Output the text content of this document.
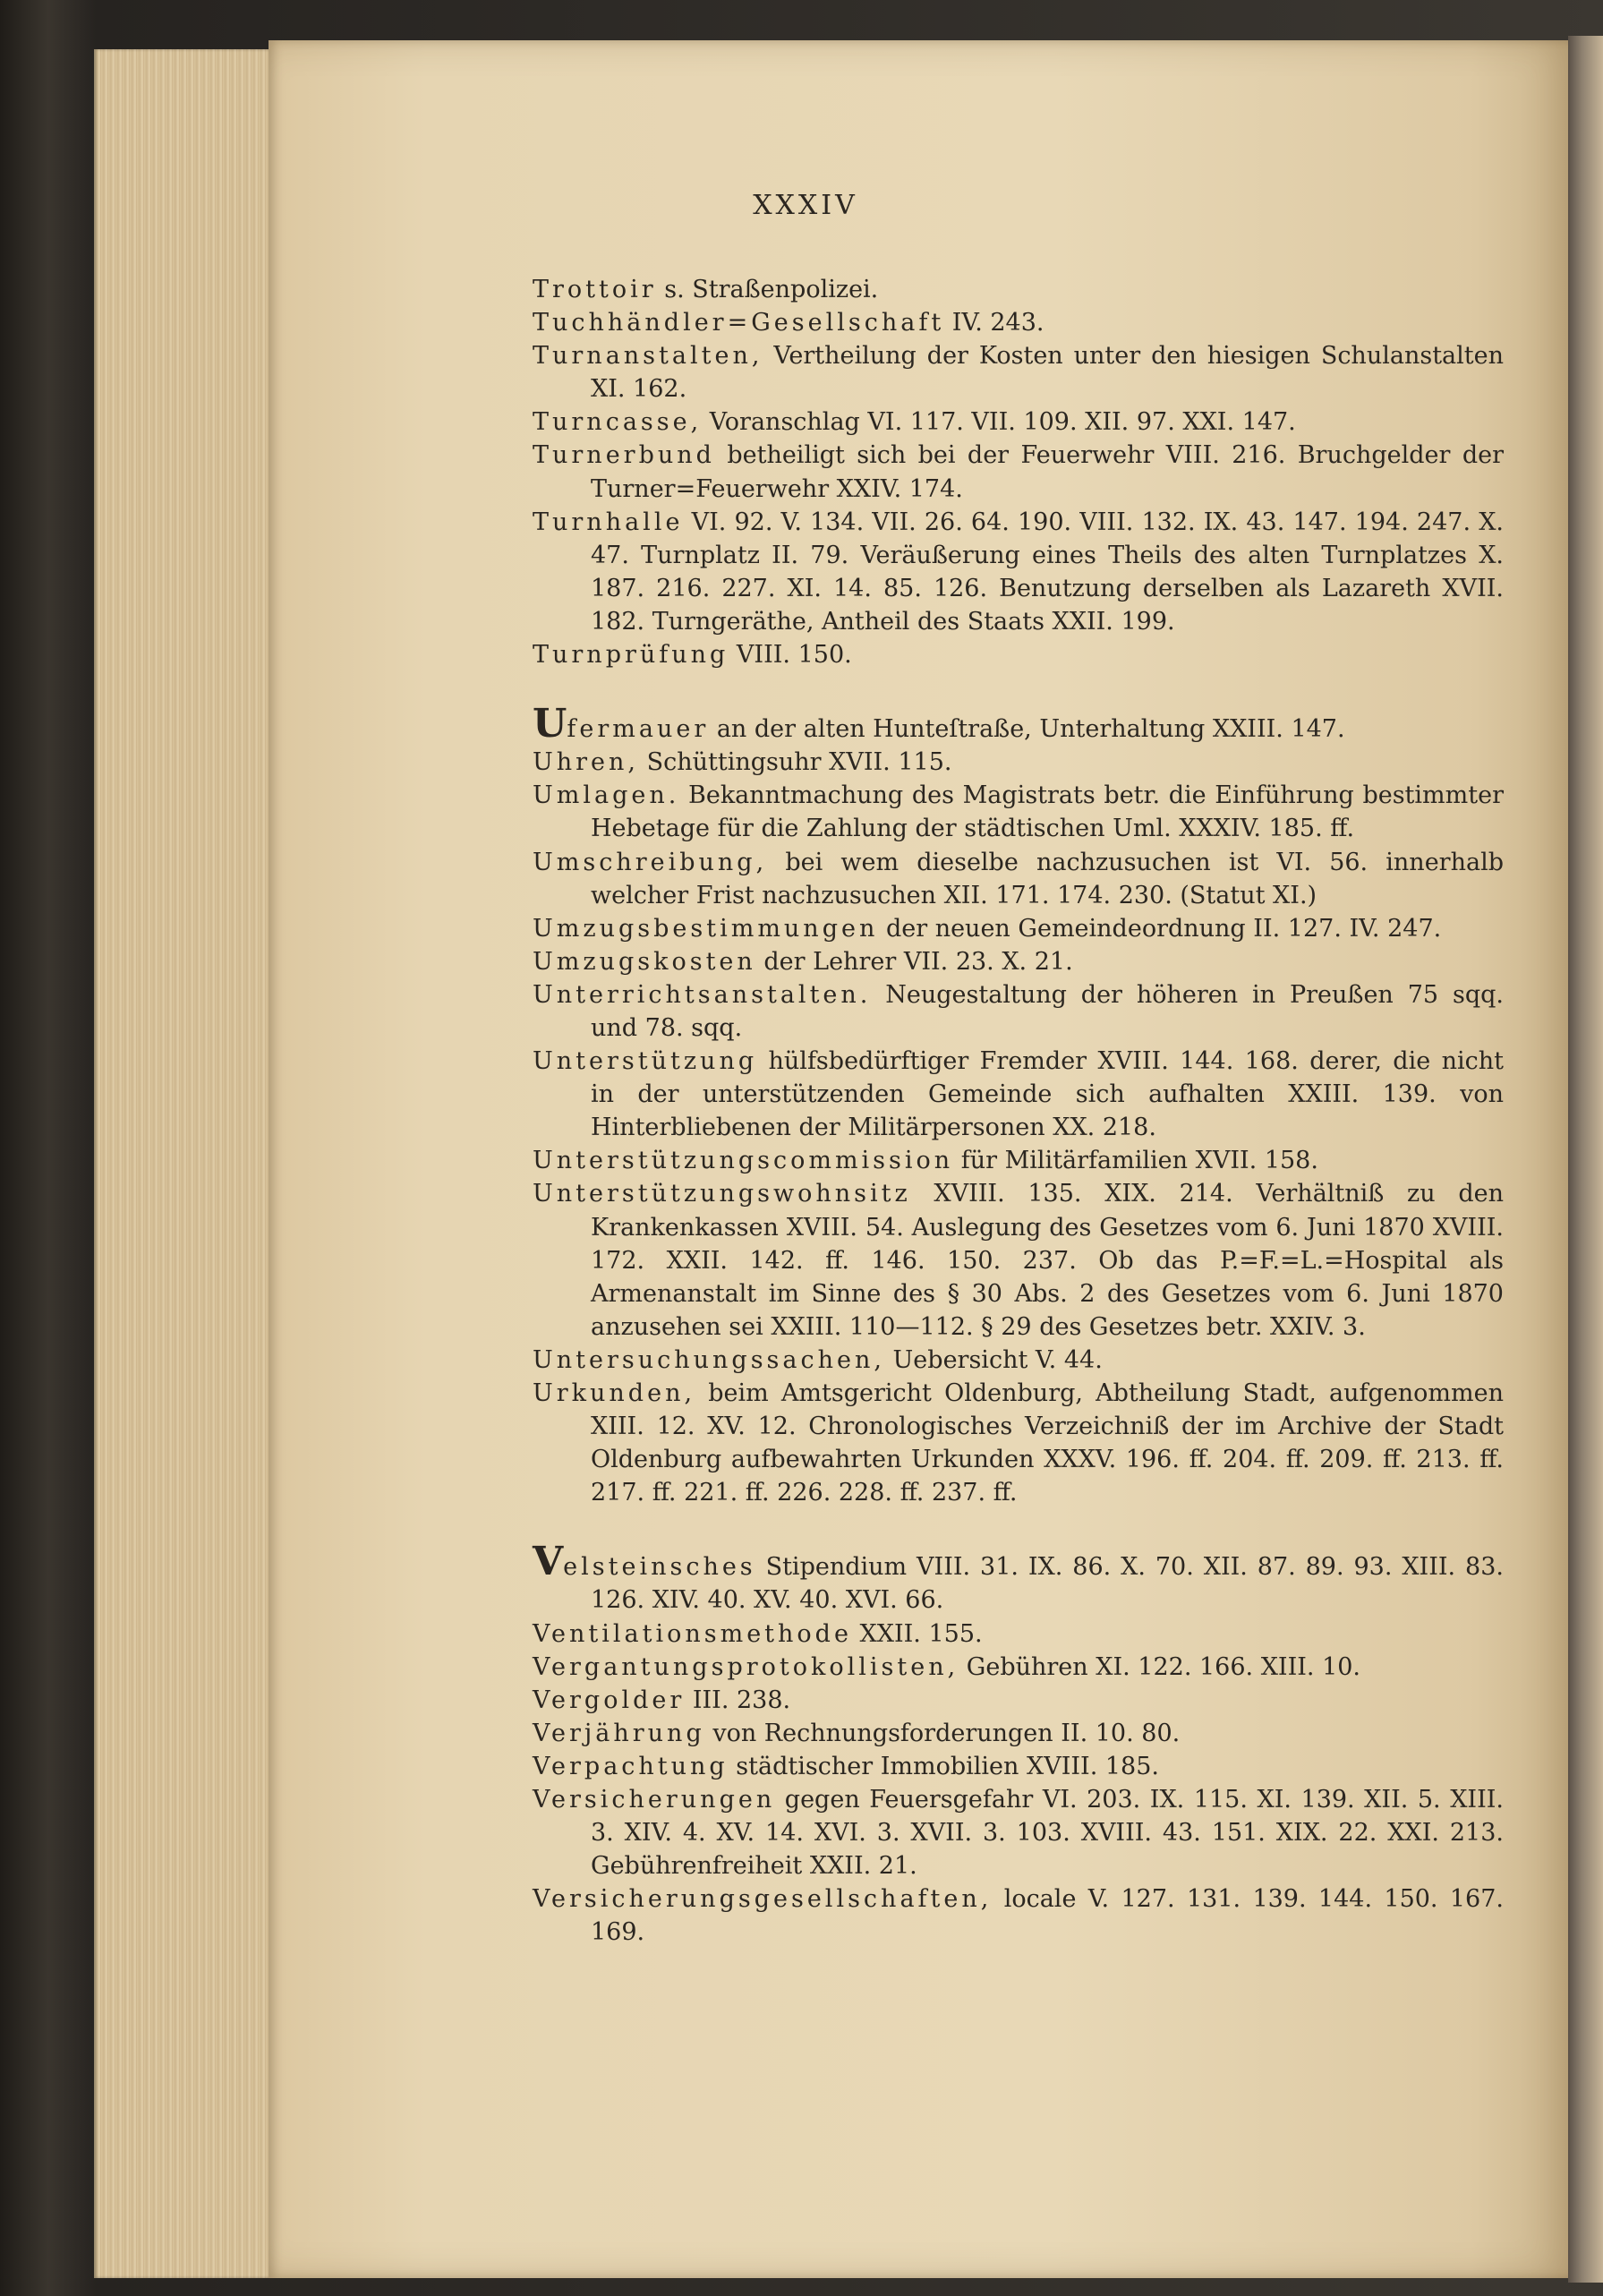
XXXIV
Trottoir s. Straßenpolizei.
Tuchhändler=Gesellschaft IV. 243.
Turnanstalten, Vertheilung der Kosten unter den hiesigen Schulanstalten XI. 162.
Turncasse, Voranschlag VI. 117. VII. 109. XII. 97. XXI. 147.
Turnerbund betheiligt sich bei der Feuerwehr VIII. 216. Bruchgelder der Turner=Feuerwehr XXIV. 174.
Turnhalle VI. 92. V. 134. VII. 26. 64. 190. VIII. 132. IX. 43. 147. 194. 247. X. 47. Turnplatz II. 79. Veräußerung eines Theils des alten Turnplatzes X. 187. 216. 227. XI. 14. 85. 126. Benutzung derselben als Lazareth XVII. 182. Turngeräthe, Antheil des Staats XXII. 199.
Turnprüfung VIII. 150.
Ufermauer an der alten Hunteſtraße, Unterhaltung XXIII. 147.
Uhren, Schüttingsuhr XVII. 115.
Umlagen. Bekanntmachung des Magistrats betr. die Einführung bestimmter Hebetage für die Zahlung der städtischen Uml. XXXIV. 185. ff.
Umschreibung, bei wem dieselbe nachzusuchen ist VI. 56. innerhalb welcher Frist nachzusuchen XII. 171. 174. 230. (Statut XI.)
Umzugsbestimmungen der neuen Gemeindeordnung II. 127. IV. 247.
Umzugskosten der Lehrer VII. 23. X. 21.
Unterrichtsanstalten. Neugestaltung der höheren in Preußen 75 sqq. und 78. sqq.
Unterstützung hülfsbedürftiger Fremder XVIII. 144. 168. derer, die nicht in der unterstützenden Gemeinde sich aufhalten XXIII. 139. von Hinterbliebenen der Militärpersonen XX. 218.
Unterstützungscommission für Militärfamilien XVII. 158.
Unterstützungswohnsitz XVIII. 135. XIX. 214. Verhältniß zu den Krankenkassen XVIII. 54. Auslegung des Gesetzes vom 6. Juni 1870 XVIII. 172. XXII. 142. ff. 146. 150. 237. Ob das P.=F.=L.=Hospital als Armenanstalt im Sinne des § 30 Abs. 2 des Gesetzes vom 6. Juni 1870 anzusehen sei XXIII. 110—112. § 29 des Gesetzes betr. XXIV. 3.
Untersuchungssachen, Uebersicht V. 44.
Urkunden, beim Amtsgericht Oldenburg, Abtheilung Stadt, aufgenommen XIII. 12. XV. 12. Chronologisches Verzeichniß der im Archive der Stadt Oldenburg aufbewahrten Urkunden XXXV. 196. ff. 204. ff. 209. ff. 213. ff. 217. ff. 221. ff. 226. 228. ff. 237. ff.
Velsteinsches Stipendium VIII. 31. IX. 86. X. 70. XII. 87. 89. 93. XIII. 83. 126. XIV. 40. XV. 40. XVI. 66.
Ventilationsmethode XXII. 155.
Vergantungsprotokollisten, Gebühren XI. 122. 166. XIII. 10.
Vergolder III. 238.
Verjährung von Rechnungsforderungen II. 10. 80.
Verpachtung städtischer Immobilien XVIII. 185.
Versicherungen gegen Feuersgefahr VI. 203. IX. 115. XI. 139. XII. 5. XIII. 3. XIV. 4. XV. 14. XVI. 3. XVII. 3. 103. XVIII. 43. 151. XIX. 22. XXI. 213. Gebührenfreiheit XXII. 21.
Versicherungsgesellschaften, locale V. 127. 131. 139. 144. 150. 167. 169.
